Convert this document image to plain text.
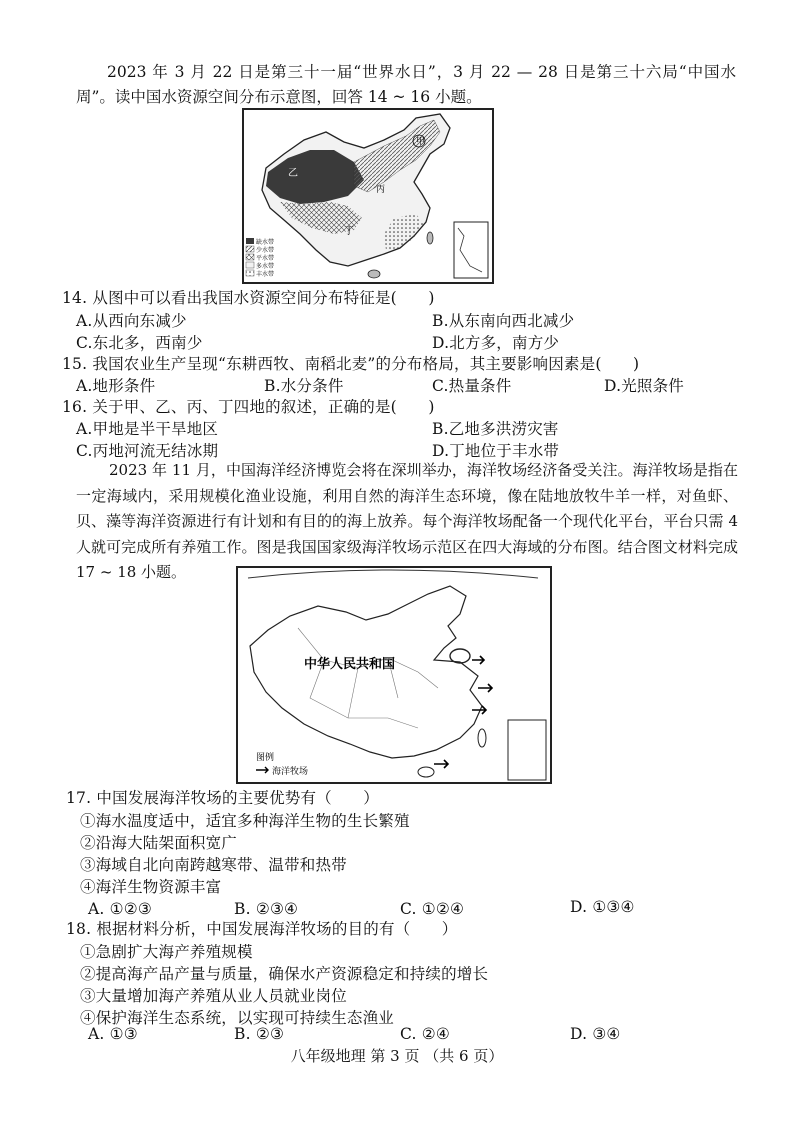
2023 年 3 月 22 日是第三十一届“世界水日”，3 月 22 — 28 日是第三十六局“中国水周”。读中国水资源空间分布示意图，回答 14 ~ 16 小题。
甲
乙
丙
丁
缺水带
少水带
平水带
多水带
丰水带
14. 从图中可以看出我国水资源空间分布特征是(　　)
A.从西向东减少	B.从东南向西北减少
C.东北多，西南少	D.北方多，南方少
15. 我国农业生产呈现“东耕西牧、南稻北麦”的分布格局，其主要影响因素是(　　)
A.地形条件	B.水分条件	C.热量条件	D.光照条件
16. 关于甲、乙、丙、丁四地的叙述，正确的是(　　)
A.甲地是半干旱地区	B.乙地多洪涝灾害
C.丙地河流无结冰期	D.丁地位于丰水带
2023 年 11 月，中国海洋经济博览会将在深圳举办，海洋牧场经济备受关注。海洋牧场是指在一定海域内，采用规模化渔业设施，利用自然的海洋生态环境，像在陆地放牧牛羊一样，对鱼虾、贝、藻等海洋资源进行有计划和有目的的海上放养。每个海洋牧场配备一个现代化平台，平台只需 4 人就可完成所有养殖工作。图是我国国家级海洋牧场示范区在四大海域的分布图。结合图文材料完成 17 ~ 18 小题。
中华人民共和国
图例
海洋牧场
17. 中国发展海洋牧场的主要优势有（　　）
①海水温度适中，适宜多种海洋生物的生长繁殖
②沿海大陆架面积宽广
③海域自北向南跨越寒带、温带和热带
④海洋生物资源丰富
A. ①②③	B. ②③④	C. ①②④	D. ①③④
18. 根据材料分析，中国发展海洋牧场的目的有（　　）
①急剧扩大海产养殖规模
②提高海产品产量与质量，确保水产资源稳定和持续的增长
③大量增加海产养殖从业人员就业岗位
④保护海洋生态系统，以实现可持续生态渔业
A. ①③	B. ②③	C. ②④	D. ③④
八年级地理 第 3 页 （共 6 页）
